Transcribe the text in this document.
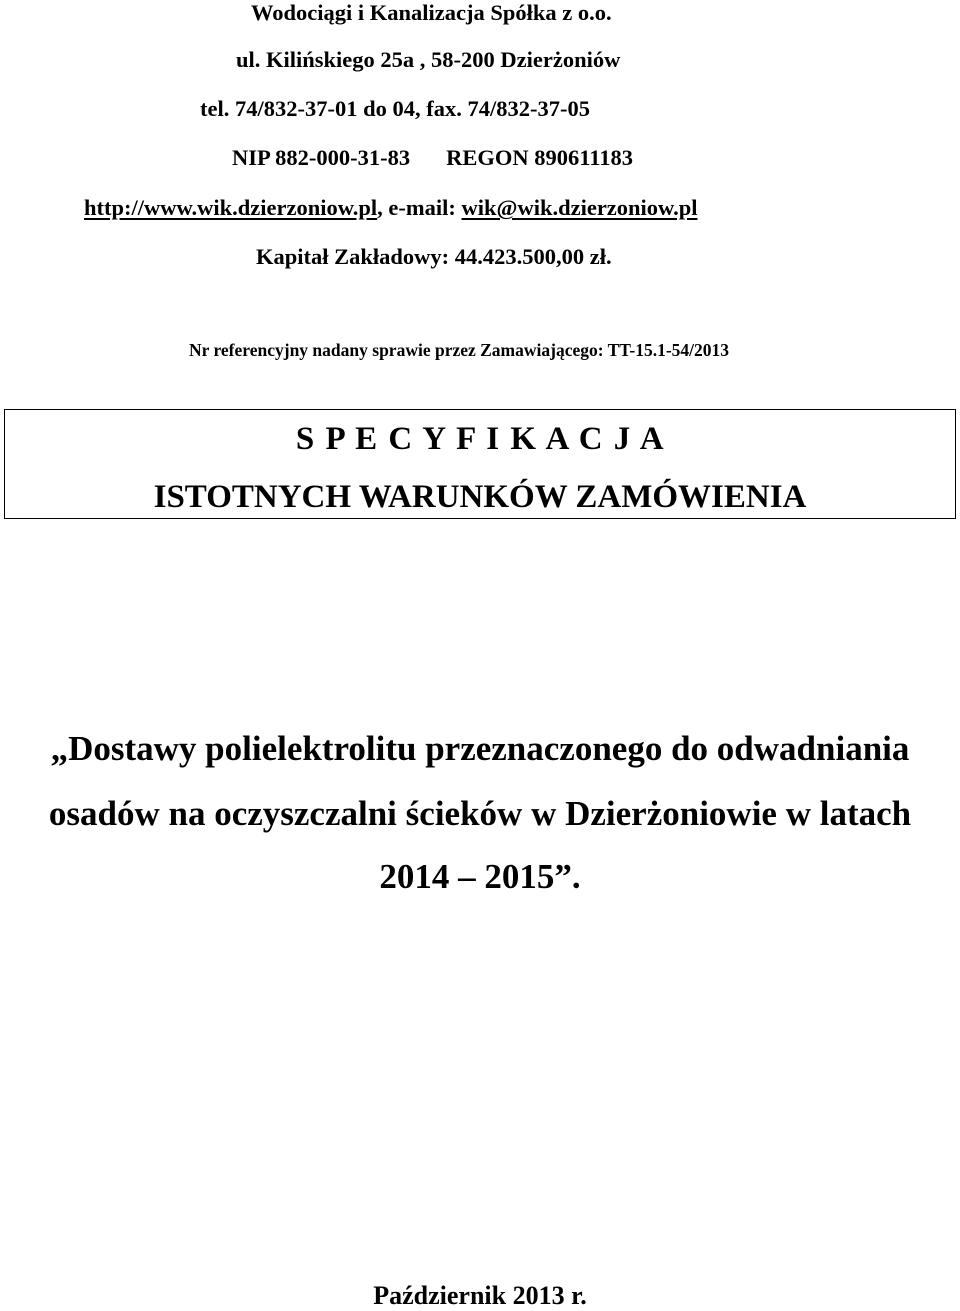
Wodociągi i Kanalizacja Spółka z o.o.
ul. Kilińskiego 25a , 58-200 Dzierżoniów
tel. 74/832-37-01 do 04, fax. 74/832-37-05
NIP 882-000-31-83 REGON 890611183
http://www.wik.dzierzoniow.pl, e-mail: wik@wik.dzierzoniow.pl
Kapitał Zakładowy: 44.423.500,00 zł.
Nr referencyjny nadany sprawie przez Zamawiającego: TT-15.1-54/2013
S P E C Y F I K A C J A
ISTOTNYCH WARUNKÓW ZAMÓWIENIA
„Dostawy polielektrolitu przeznaczonego do odwadniania
osadów na oczyszczalni ścieków w Dzierżoniowie w latach
2014 – 2015”.
Październik 2013 r.
